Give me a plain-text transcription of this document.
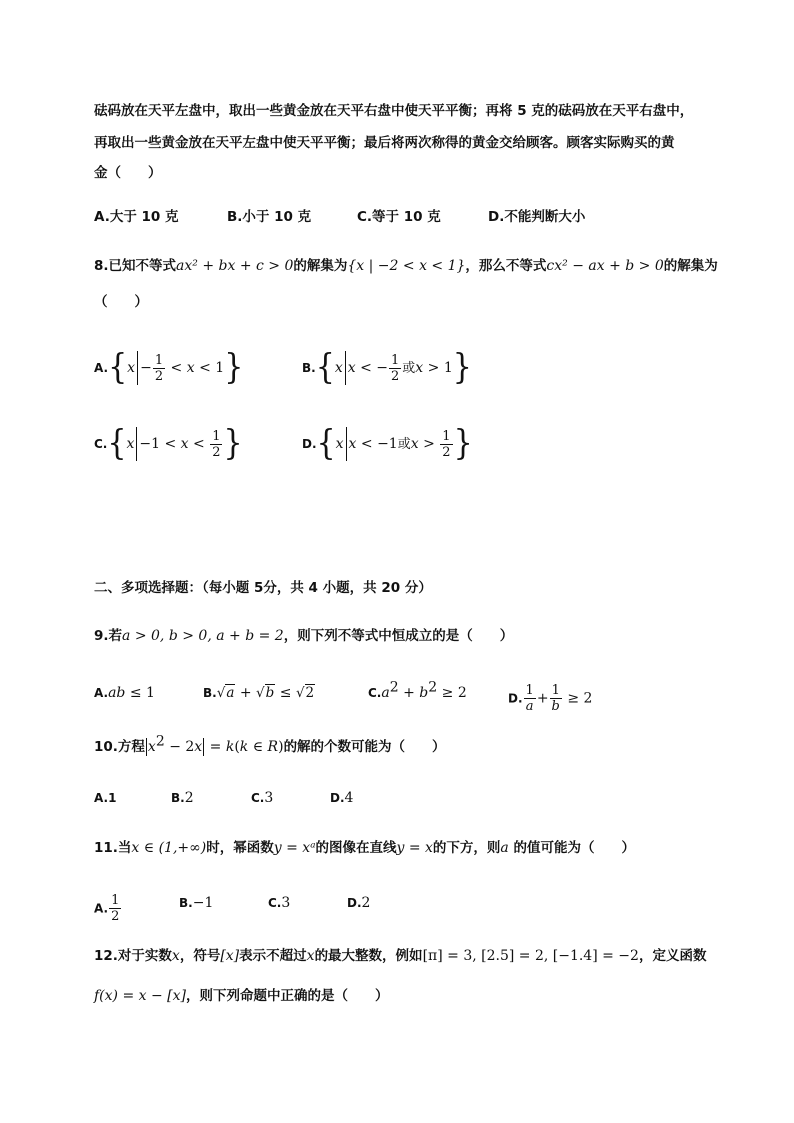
砝码放在天平左盘中，取出一些黄金放在天平右盘中使天平平衡；再将 5 克的砝码放在天平右盘中，
再取出一些黄金放在天平左盘中使天平平衡；最后将两次称得的黄金交给顾客。顾客实际购买的黄
金（　　）
A.大于 10 克	B.小于 10 克	C.等于 10 克	D.不能判断大小
8.已知不等式ax² + bx + c > 0的解集为{x | −2 < x < 1}，那么不等式cx² − ax + b > 0的解集为
（　　）
$A.\{x - \frac{1}{2} < x < 1\}$	B.{x x < − $\frac{1}{2}$ 或x > 1}
$C.\{x -1 < x < \frac{1}{2}$ }	D.{x x < −1或$x > \frac{1}{2}$ }
二、多项选择题：（每小题 5分，共 4 小题，共 20 分）
9.若a > 0, b > 0, a + b = 2，则下列不等式中恒成立的是（　　）
A.ab ≤ 1	B.√a + √b ≤ √2	$C.a^2 + b^2 \ge 2$	D. $\frac{1}{a} + \frac{1}{b} \ge 2$
10.方程 $x^2 - 2x = k(k$ ∈ R)的解的个数可能为（　　）
A.1	B.2	C.3	D.4
11.当x ∈ (1,+∞)时，幂函数y = xᵃ的图像在直线y = x的下方，则a 的值可能为（　　）
A. $\frac{1}{2}$	B.−1	C.3	D.2
12.对于实数x，符号[x]表示不超过x的最大整数，例如[π] = 3, [2.5] = 2, [−1.4] = −2，定义函数
f(x) = x − [x]，则下列命题中正确的是（　　）
